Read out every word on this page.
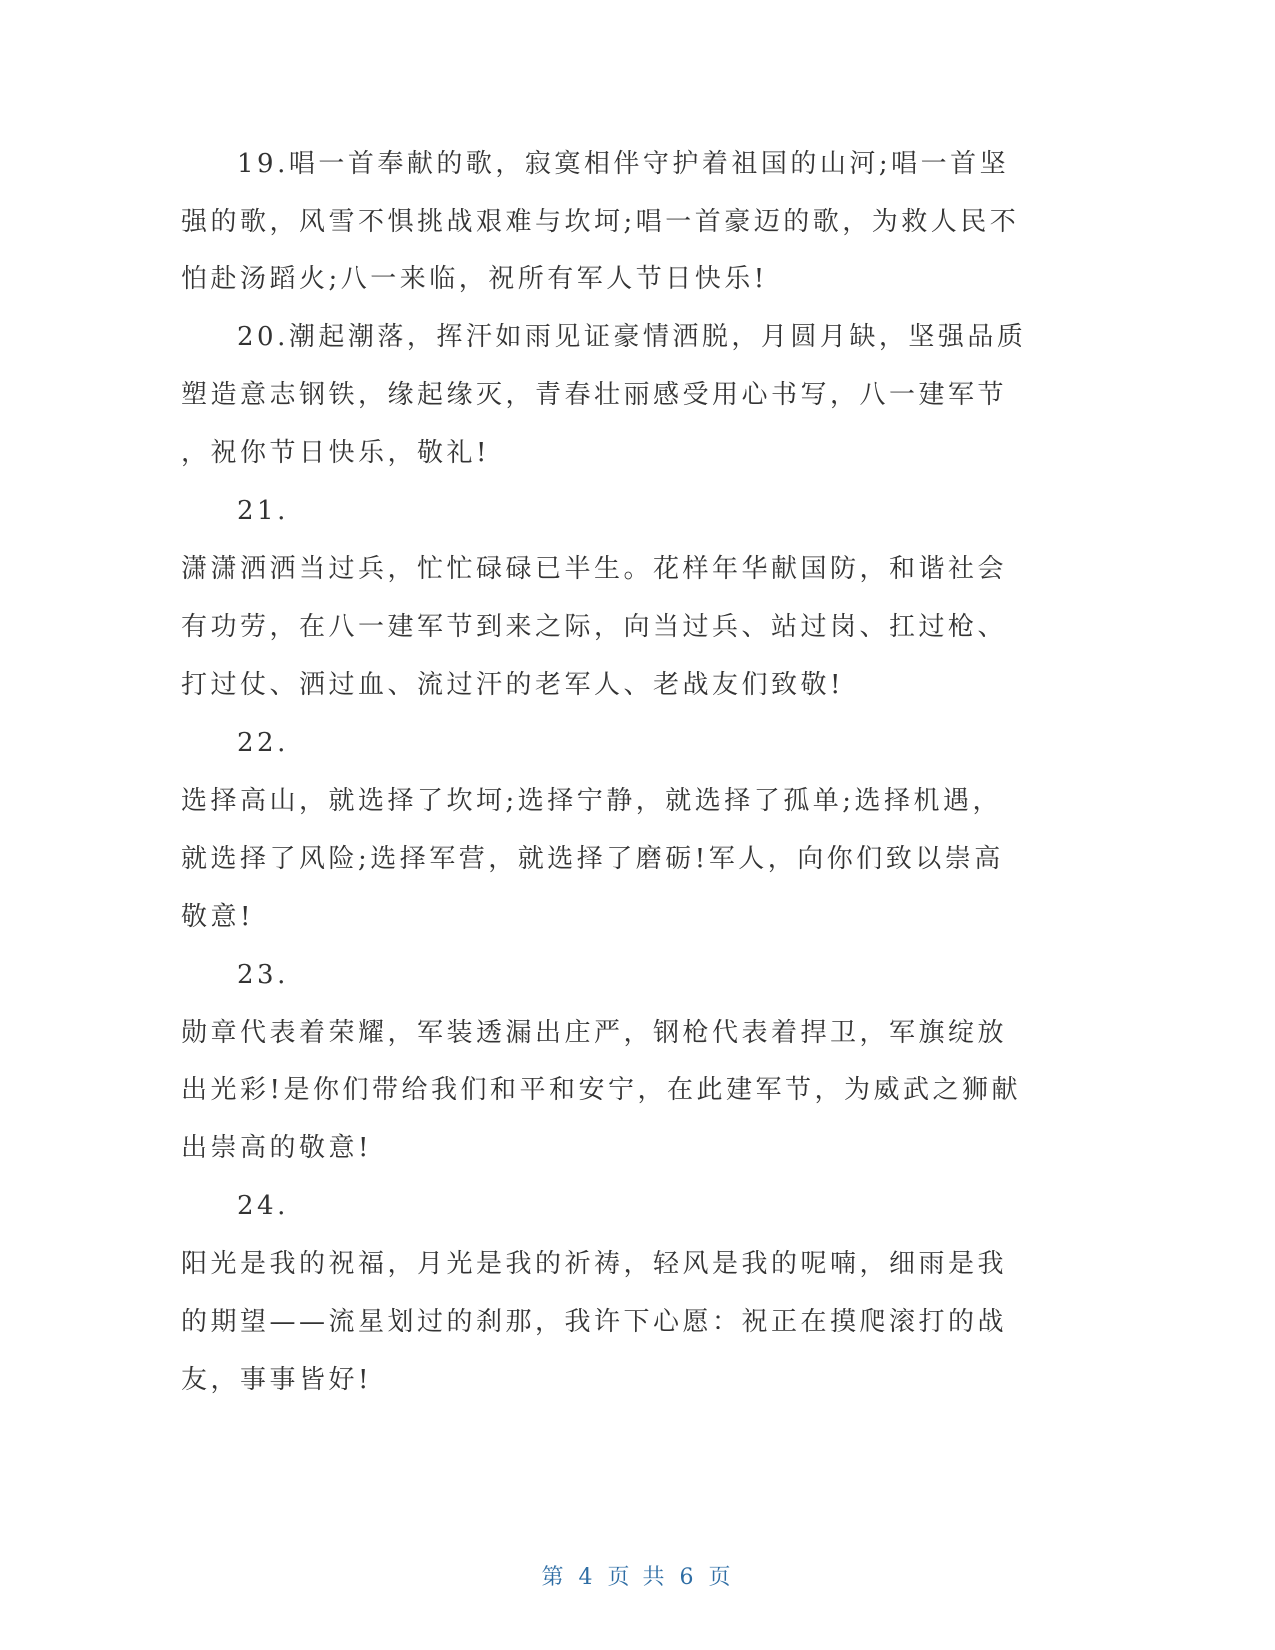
19.唱一首奉献的歌，寂寞相伴守护着祖国的山河;唱一首坚
强的歌，风雪不惧挑战艰难与坎坷;唱一首豪迈的歌，为救人民不
怕赴汤蹈火;八一来临，祝所有军人节日快乐!
20.潮起潮落，挥汗如雨见证豪情洒脱，月圆月缺，坚强品质
塑造意志钢铁，缘起缘灭，青春壮丽感受用心书写，八一建军节
，祝你节日快乐，敬礼!
21.
潇潇洒洒当过兵，忙忙碌碌已半生。花样年华献国防，和谐社会
有功劳，在八一建军节到来之际，向当过兵、站过岗、扛过枪、
打过仗、洒过血、流过汗的老军人、老战友们致敬!
22.
选择高山，就选择了坎坷;选择宁静，就选择了孤单;选择机遇，
就选择了风险;选择军营，就选择了磨砺!军人，向你们致以崇高
敬意!
23.
勋章代表着荣耀，军装透漏出庄严，钢枪代表着捍卫，军旗绽放
出光彩!是你们带给我们和平和安宁，在此建军节，为威武之狮献
出崇高的敬意!
24.
阳光是我的祝福，月光是我的祈祷，轻风是我的呢喃，细雨是我
的期望——流星划过的刹那，我许下心愿：祝正在摸爬滚打的战
友，事事皆好!
第 4 页 共 6 页
